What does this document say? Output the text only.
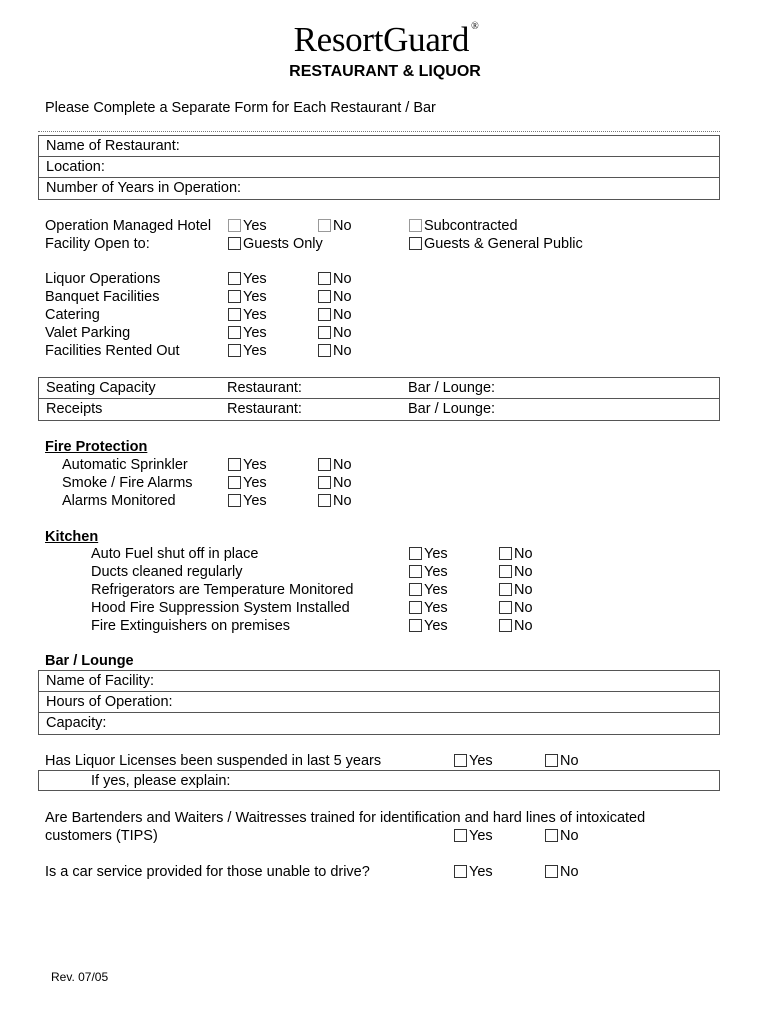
ResortGuard ®
RESTAURANT & LIQUOR
Please Complete a Separate Form for Each Restaurant / Bar
Name of Restaurant:
Location:
Number of Years in Operation:
Operation Managed Hotel	Yes	No	Subcontracted
Facility Open to:	Guests Only	Guests & General Public
Liquor Operations	Yes	No
Banquet Facilities	Yes	No
Catering	Yes	No
Valet Parking	Yes	No
Facilities Rented Out	Yes	No
Seating Capacity	Restaurant:	Bar / Lounge:
Receipts	Restaurant:	Bar / Lounge:
Fire Protection
Automatic Sprinkler	Yes	No
Smoke / Fire Alarms	Yes	No
Alarms Monitored	Yes	No
Kitchen
Auto Fuel shut off in place	Yes	No
Ducts cleaned regularly	Yes	No
Refrigerators are Temperature Monitored	Yes	No
Hood Fire Suppression System Installed	Yes	No
Fire Extinguishers on premises	Yes	No
Bar / Lounge
Name of Facility:
Hours of Operation:
Capacity:
Has Liquor Licenses been suspended in last 5 years	Yes	No
If yes, please explain:
Are Bartenders and Waiters / Waitresses trained for identification and hard lines of intoxicated
customers (TIPS)	Yes	No
Is a car service provided for those unable to drive?	Yes	No
Rev. 07/05
